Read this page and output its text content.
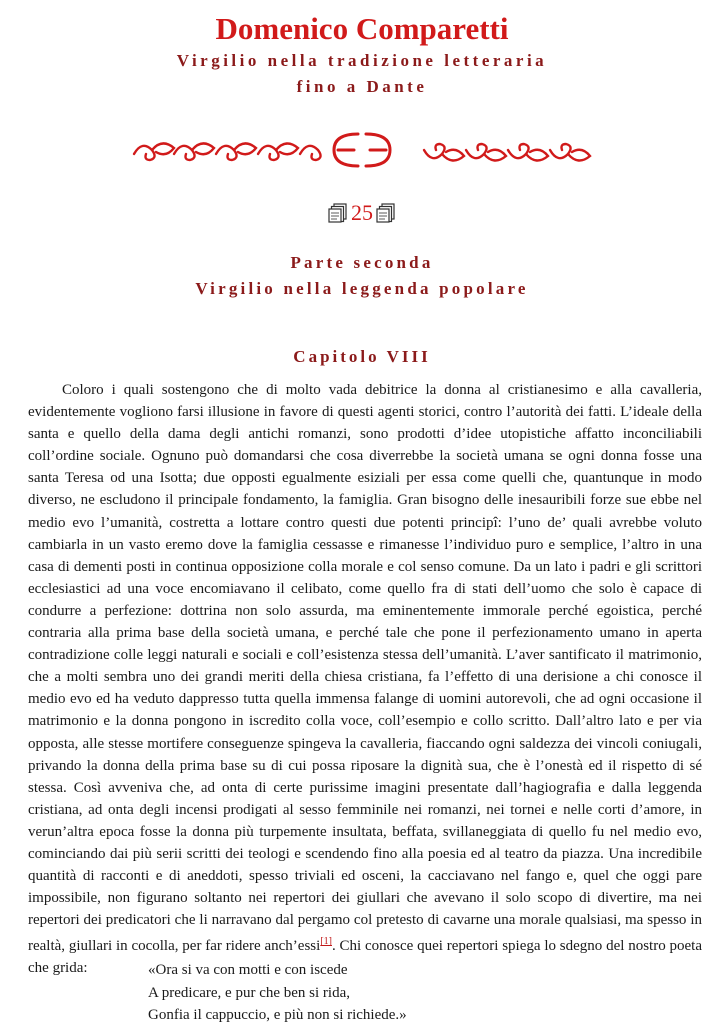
Domenico Comparetti
Virgilio nella tradizione letteraria
fino a Dante
25
Parte seconda
Virgilio nella leggenda popolare
Capitolo VIII

Coloro i quali sostengono che di molto vada debitrice la donna al cristianesimo e alla cavalleria, evidentemente vogliono farsi illusione in favore di questi agenti storici, contro l’autorità dei fatti. L’ideale della santa e quello della dama degli antichi romanzi, sono prodotti d’idee utopistiche affatto inconciliabili coll’ordine sociale. Ognuno può domandarsi che cosa diverrebbe la società umana se ogni donna fosse una santa Teresa od una Isotta; due opposti egualmente esiziali per essa come quelli che, quantunque in modo diverso, ne escludono il principale fondamento, la famiglia. Gran bisogno delle inesauribili forze sue ebbe nel medio evo l’umanità, costretta a lottare contro questi due potenti principî: l’uno de’ quali avrebbe voluto cambiarla in un vasto eremo dove la famiglia cessasse e rimanesse l’individuo puro e semplice, l’altro in una casa di dementi posti in continua opposizione colla morale e col senso comune. Da un lato i padri e gli scrittori ecclesiastici ad una voce encomiavano il celibato, come quello fra di stati dell’uomo che solo è capace di condurre a perfezione: dottrina non solo assurda, ma eminentemente immorale perché egoistica, perché contraria alla prima base della società umana, e perché tale che pone il perfezionamento umano in aperta contradizione colle leggi naturali e sociali e coll’esistenza stessa dell’umanità. L’aver santificato il matrimonio, che a molti sembra uno dei grandi meriti della chiesa cristiana, fa l’effetto di una derisione a chi conosce il medio evo ed ha veduto dappresso tutta quella immensa falange di uomini autorevoli, che ad ogni occasione il matrimonio e la donna pongono in iscredito colla voce, coll’esempio e collo scritto. Dall’altro lato e per via opposta, alle stesse mortifere conseguenze spingeva la cavalleria, fiaccando ogni saldezza dei vincoli coniugali, privando la donna della prima base su di cui possa riposare la dignità sua, che è l’onestà ed il rispetto di sé stessa. Così avveniva che, ad onta di certe purissime imagini presentate dall’hagiografia e dalla leggenda cristiana, ad onta degli incensi prodigati al sesso femminile nei romanzi, nei tornei e nelle corti d’amore, in verun’altra epoca fosse la donna più turpemente insultata, beffata, svillaneggiata di quello fu nel medio evo, cominciando dai più serii scritti dei teologi e scendendo fino alla poesia ed al teatro da piazza. Una incredibile quantità di racconti e di aneddoti, spesso triviali ed osceni, la cacciavano nel fango e, quel che oggi pare impossibile, non figurano soltanto nei repertori dei giullari che avevano il solo scopo di divertire, ma nei repertori dei predicatori che li narravano dal pergamo col pretesto di cavarne una morale qualsiasi, ma spesso in realtà, giullari in cocolla, per far ridere anch’essi[1]. Chi conosce quei repertori spiega lo sdegno del nostro poeta che grida:	«Ora si va con motti e con iscede
A predicare, e pur che ben si rida,
Gonfia il cappuccio, e più non si richiede.»
